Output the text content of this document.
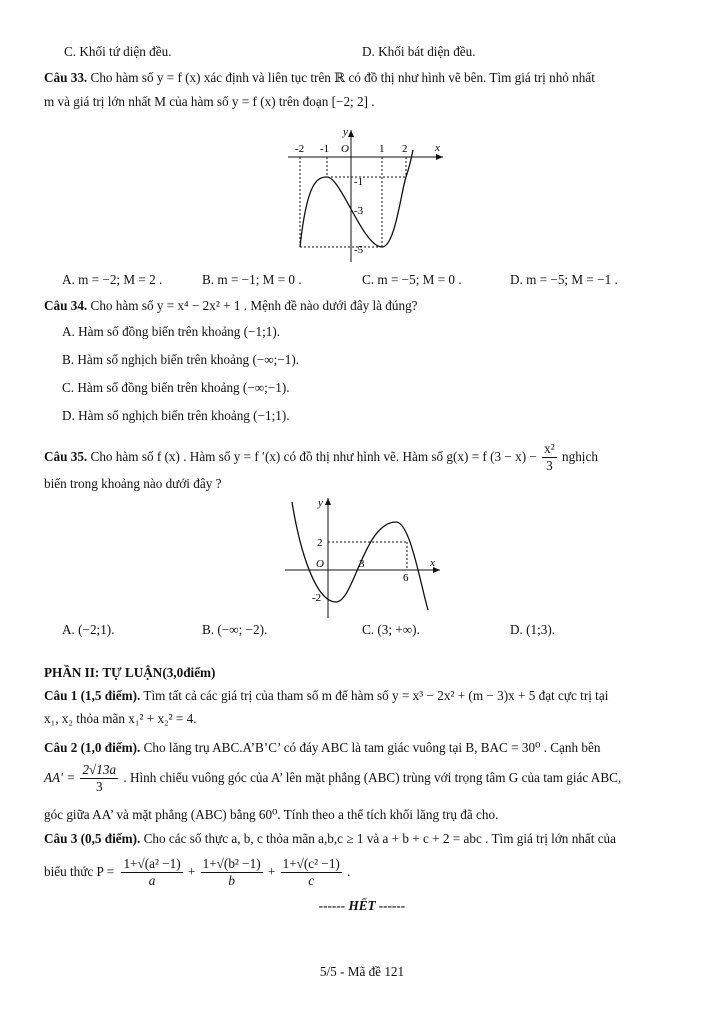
C. Khối tứ diện đều.	D. Khối bát diện đều.
Câu 33. Cho hàm số y = f (x) xác định và liên tục trên ℝ có đồ thị như hình vẽ bên. Tìm giá trị nhỏ nhất
m và giá trị lớn nhất M của hàm số y = f (x) trên đoạn [−2; 2] .
-2 -1 O	1 2	x
y
-1
-3
-5
A. m = −2; M = 2 .	B. m = −1; M = 0 .	C. m = −5; M = 0 .	D. m = −5; M = −1 .
Câu 34. Cho hàm số y = x⁴ − 2x² + 1 . Mệnh đề nào dưới đây là đúng?
A. Hàm số đồng biến trên khoảng (−1;1).
B. Hàm số nghịch biến trên khoảng (−∞;−1).
C. Hàm số đồng biến trên khoảng (−∞;−1).
D. Hàm số nghịch biến trên khoảng (−1;1).
Câu 35. Cho hàm số f (x) . Hàm số y = f ′(x) có đồ thị như hình vẽ. Hàm số g(x) = f $(3 - x) - \frac{\text{x²}}{3}$ nghịch
biến trong khoảng nào dưới đây ?
y
2
O	3
6
x
-2
A. (−2;1).	B. (−∞; −2).	C. (3; +∞).	D. (1;3).
PHẦN II: TỰ LUẬN(3,0điểm)
Câu 1 (1,5 điểm). Tìm tất cả các giá trị của tham số m để hàm số y = x³ − 2x² + (m − 3)x + 5 đạt cực trị tại
x₁, x₂ thỏa mãn x₁² + x₂² = 4.
Câu 2 (1,0 điểm). Cho lăng trụ ABC.A’B’C’ có đáy ABC là tam giác vuông tại B, BAC = 30⁰ . Cạnh bên
$AA' = \frac{2√13a}{3}$ . Hình chiếu vuông góc của A’ lên mặt phẳng (ABC) trùng với trọng tâm G của tam giác ABC,
góc giữa AA’ và mặt phẳng (ABC) bằng 60⁰. Tính theo a thể tích khối lăng trụ đã cho.
Câu 3 (0,5 điểm). Cho các số thực a, b, c thỏa mãn a,b,c ≥ 1 và a + b + c + 2 = abc . Tìm giá trị lớn nhất của
biểu thức $P = \frac{\text{1+√(a² −1)}}{a} + \frac{\text{1+√(b² −1)}}{b} + \frac{\text{1+√(c² −1)}}{c}$ .
------ HẾT ------
5/5 - Mã đề 121
